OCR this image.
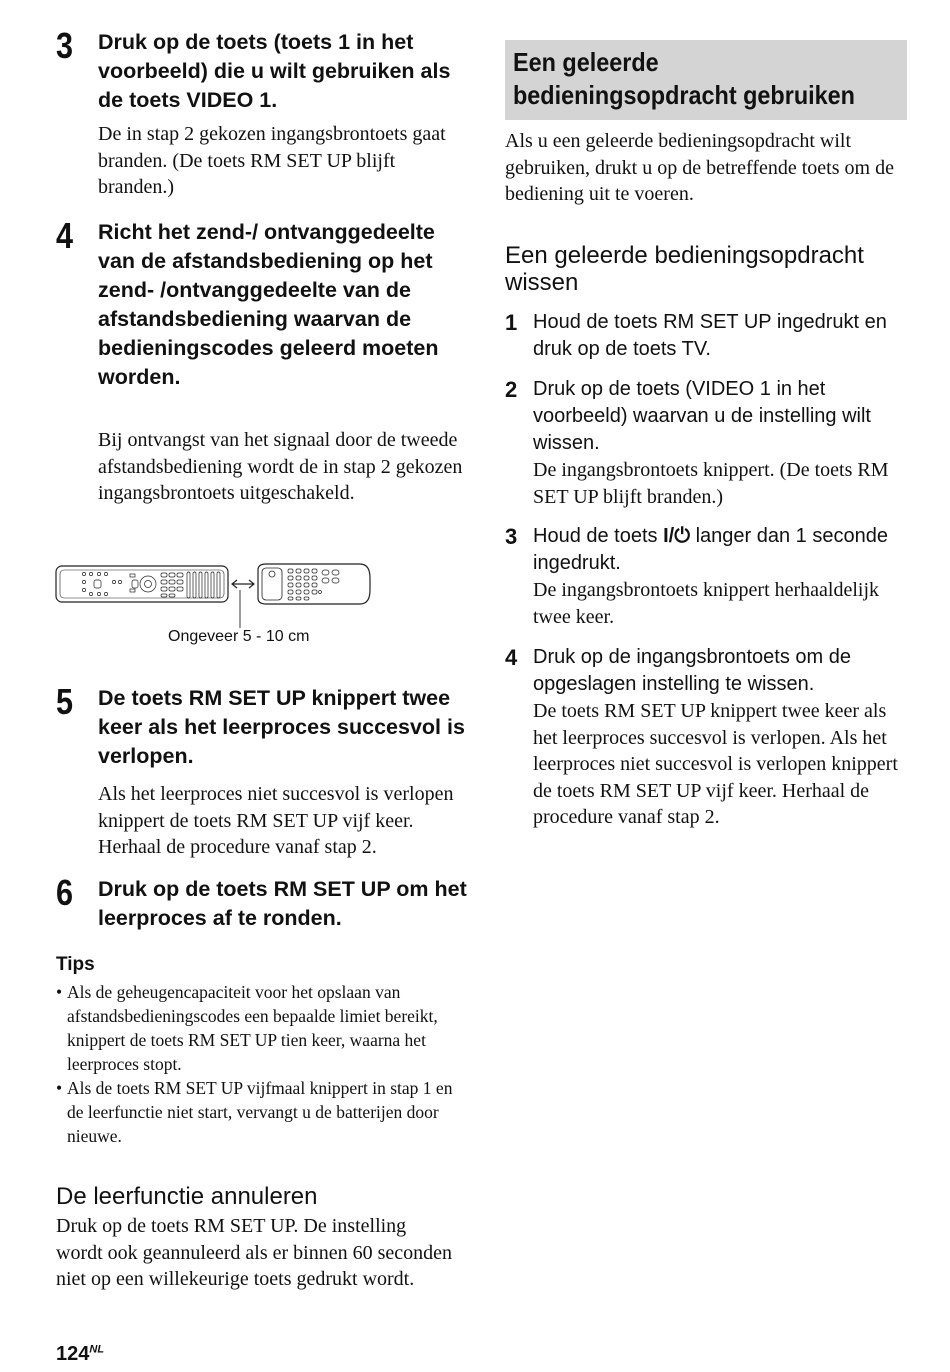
3 Druk op de toets (toets 1 in het voorbeeld) die u wilt gebruiken als de toets VIDEO 1.
De in stap 2 gekozen ingangsbrontoets gaat branden. (De toets RM SET UP blijft branden.)
4 Richt het zend-/ ontvanggedeelte van de afstandsbediening op het zend- /ontvanggedeelte van de afstandsbediening waarvan de bedieningscodes geleerd moeten worden.
Bij ontvangst van het signaal door de tweede afstandsbediening wordt de in stap 2 gekozen ingangsbrontoets uitgeschakeld.
Ongeveer 5 - 10 cm
5 De toets RM SET UP knippert twee keer als het leerproces succesvol is verlopen.
Als het leerproces niet succesvol is verlopen knippert de toets RM SET UP vijf keer. Herhaal de procedure vanaf stap 2.
6 Druk op de toets RM SET UP om het leerproces af te ronden.
Tips
• Als de geheugencapaciteit voor het opslaan van afstandsbedieningscodes een bepaalde limiet bereikt, knippert de toets RM SET UP tien keer, waarna het leerproces stopt.
• Als de toets RM SET UP vijfmaal knippert in stap 1 en de leerfunctie niet start, vervangt u de batterijen door nieuwe.
De leerfunctie annuleren
Druk op de toets RM SET UP. De instelling wordt ook geannuleerd als er binnen 60 seconden niet op een willekeurige toets gedrukt wordt.
Een geleerde
bedieningsopdracht gebruiken
Als u een geleerde bedieningsopdracht wilt gebruiken, drukt u op de betreffende toets om de bediening uit te voeren.
Een geleerde bedieningsopdracht wissen
1 Houd de toets RM SET UP ingedrukt en druk op de toets TV.
2 Druk op de toets (VIDEO 1 in het voorbeeld) waarvan u de instelling wilt wissen.
De ingangsbrontoets knippert. (De toets RM SET UP blijft branden.)
3 Houd de toets I/⏻ langer dan 1 seconde ingedrukt.
De ingangsbrontoets knippert herhaaldelijk twee keer.
4 Druk op de ingangsbrontoets om de opgeslagen instelling te wissen.
De toets RM SET UP knippert twee keer als het leerproces succesvol is verlopen. Als het leerproces niet succesvol is verlopen knippert de toets RM SET UP vijf keer. Herhaal de procedure vanaf stap 2.
$124^{NL}$
